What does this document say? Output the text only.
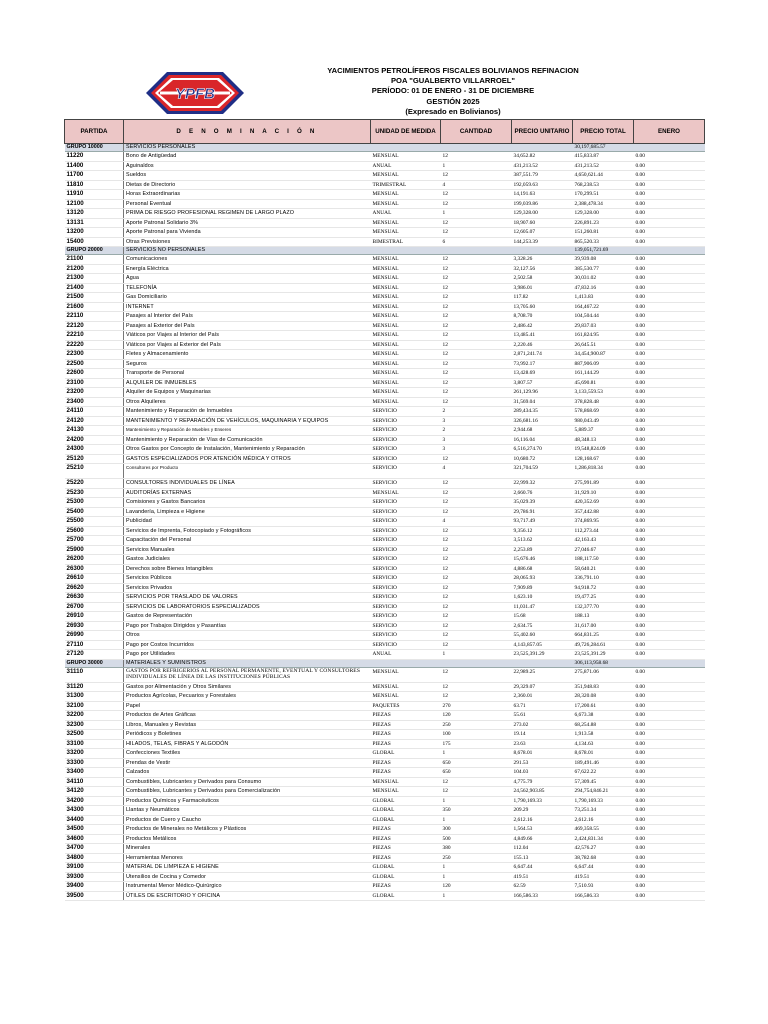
YPFB
YACIMIENTOS PETROLÍFEROS FISCALES BOLIVIANOS REFINACION
POA "GUALBERTO VILLARROEL"
PERÍODO: 01 DE ENERO - 31 DE DICIEMBRE
GESTIÓN 2025
(Expresado en Bolivianos)
PARTIDA	D E N O M I N A C I Ó N	UNIDAD DE MEDIDA	CANTIDAD	PRECIO UNITARIO	PRECIO TOTAL	ENERO
GRUPO 10000	SERVICIOS PERSONALES				30,197,685.57	
11220	Bono de Antigüedad	MENSUAL	12	34,652.82	415,833.87	0.00
11400	Aguinaldos	ANUAL	1	431,213.52	431,213.52	0.00
11700	Sueldos	MENSUAL	12	387,551.79	4,650,621.44	0.00
11810	Dietas de Directorio	TRIMESTRAL	4	192,059.63	768,238.53	0.00
11910	Horas Extraordinarias	MENSUAL	12	14,191.63	170,299.51	0.00
12100	Personal Eventual	MENSUAL	12	199,039.86	2,388,478.34	0.00
13120	PRIMA DE RIESGO PROFESIONAL REGIMEN DE LARGO PLAZO	ANUAL	1	129,328.00	129,328.00	0.00
13131	Aporte Patronal Solidario 3%	MENSUAL	12	18,907.60	226,891.23	0.00
13200	Aporte Patronal para Vivienda	MENSUAL	12	12,605.07	151,260.81	0.00
15400	Otras Previsiones	BIMESTRAL	6	144,253.39	865,520.33	0.00
GRUPO 20000	SERVICIOS NO PERSONALES				139,051,721.69	
21100	Comunicaciones	MENSUAL	12	3,328.26	39,939.08	0.00
21200	Energía Eléctrica	MENSUAL	12	32,127.56	385,530.77	0.00
21300	Agua	MENSUAL	12	2,502.58	30,031.02	0.00
21400	TELEFONÍA	MENSUAL	12	3,986.01	47,832.16	0.00
21500	Gas Domiciliario	MENSUAL	12	117.82	1,413.83	0.00
21600	INTERNET	MENSUAL	12	13,705.60	164,467.22	0.00
22110	Pasajes al Interior del País	MENSUAL	12	8,708.70	104,504.44	0.00
22120	Pasajes al Exterior del País	MENSUAL	12	2,486.42	29,837.03	0.00
22210	Viáticos por Viajes al Interior del País	MENSUAL	12	13,485.41	161,824.95	0.00
22220	Viáticos por Viajes al Exterior del País	MENSUAL	12	2,220.46	26,645.51	0.00
22300	Fletes y Almacenamiento	MENSUAL	12	2,871,241.74	34,454,900.87	0.00
22500	Seguros	MENSUAL	12	73,992.17	887,906.09	0.00
22600	Transporte de Personal	MENSUAL	12	13,428.69	161,144.29	0.00
23100	ALQUILER DE INMUEBLES	MENSUAL	12	3,807.57	45,690.81	0.00
23200	Alquiler de Equipos y Maquinarias	MENSUAL	12	261,129.96	3,133,559.53	0.00
23400	Otros Alquileres	MENSUAL	12	31,569.04	378,828.48	0.00
24110	Mantenimiento y Reparación de Inmuebles	SERVICIO	2	289,434.35	578,868.69	0.00
24120	MANTENIMIENTO Y REPARACIÓN DE VEHÍCULOS, MAQUINARIA Y EQUIPOS	SERVICIO	3	326,681.16	980,043.49	0.00
24130	Mantenimiento y Reparación de Muebles y Enseres	SERVICIO	2	2,944.68	5,889.37	0.00
24200	Mantenimiento y Reparación de Vías de Comunicación	SERVICIO	3	16,116.04	48,348.13	0.00
24300	Otros Gastos por Concepto de Instalación, Mantenimiento y Reparación	SERVICIO	3	6,516,274.70	19,548,824.09	0.00
25120	GASTOS ESPECIALIZADOS POR ATENCIÓN MÉDICA Y OTROS	SERVICIO	12	10,680.72	128,168.67	0.00
25210	Consultores por Producto	SERVICIO	4	321,704.59	1,286,818.34	0.00
25220	CONSULTORES INDIVIDUALES DE LÍNEA	SERVICIO	12	22,999.32	275,991.89	0.00
25230	AUDITORÍAS EXTERNAS	MENSUAL	12	2,660.76	31,929.10	0.00
25300	Comisiones y Gastos Bancarios	SERVICIO	12	35,029.39	420,352.69	0.00
25400	Lavandería, Limpieza e Higiene	SERVICIO	12	29,786.91	357,442.88	0.00
25500	Publicidad	SERVICIO	4	93,717.49	374,869.95	0.00
25600	Servicios de Imprenta, Fotocopiado y Fotográficos	SERVICIO	12	9,356.12	112,273.44	0.00
25700	Capacitación del Personal	SERVICIO	12	3,513.62	42,163.43	0.00
25900	Servicios Manuales	SERVICIO	12	2,253.89	27,046.67	0.00
26200	Gastos Judiciales	SERVICIO	12	15,676.46	188,117.50	0.00
26300	Derechos sobre Bienes Intangibles	SERVICIO	12	4,886.68	58,640.21	0.00
26610	Servicios Públicos	SERVICIO	12	28,065.93	336,791.10	0.00
26620	Servicios Privados	SERVICIO	12	7,909.89	94,918.72	0.00
26630	SERVICIOS POR TRASLADO DE VALORES	SERVICIO	12	1,623.10	19,477.25	0.00
26700	SERVICIOS DE LABORATORIOS ESPECIALIZADOS	SERVICIO	12	11,031.47	132,377.70	0.00
26910	Gastos de Representación	SERVICIO	12	15.68	188.13	0.00
26930	Pago por Trabajos Dirigidos y Pasantías	SERVICIO	12	2,634.75	31,617.00	0.00
26990	Otros	SERVICIO	12	55,402.60	664,831.25	0.00
27110	Pago por Costos Incurridos	SERVICIO	12	4,143,857.05	49,726,284.61	0.00
27120	Pago por Utilidades	ANUAL	1	23,525,391.29	23,525,391.29	0.00
GRUPO 30000	MATERIALES Y SUMINISTROS				306,113,958.68	
31110	GASTOS POR REFRIGERIOS AL PERSONAL PERMANENTE, EVENTUAL Y CONSULTORES INDIVIDUALES DE LÍNEA DE LAS INSTITUCIONES PÚBLICAS	MENSUAL	12	22,989.25	275,871.06	0.00
31120	Gastos por Alimentación y Otros Similares	MENSUAL	12	29,329.07	351,948.83	0.00
31300	Productos Agrícolas, Pecuarios y Forestales	MENSUAL	12	2,360.01	28,320.08	0.00
32100	Papel	PAQUETES	270	63.71	17,200.61	0.00
32200	Productos de Artes Gráficas	PIEZAS	120	55.61	6,673.38	0.00
32300	Libros, Manuales y Revistas	PIEZAS	250	273.02	68,254.88	0.00
32500	Periódicos y Boletines	PIEZAS	100	19.14	1,913.58	0.00
33100	HILADOS, TELAS, FIBRAS Y ALGODÓN	PIEZAS	175	23.63	4,134.63	0.00
33200	Confecciones Textiles	GLOBAL	1	8,678.01	8,678.01	0.00
33300	Prendas de Vestir	PIEZAS	650	291.53	189,491.46	0.00
33400	Calzados	PIEZAS	650	104.03	67,622.22	0.00
34110	Combustibles, Lubricantes y Derivados para Consumo	MENSUAL	12	4,775.79	57,309.45	0.00
34120	Combustibles, Lubricantes y Derivados para Comercialización	MENSUAL	12	24,562,903.85	294,754,846.21	0.00
34200	Productos Químicos y Farmacéuticos	GLOBAL	1	1,790,169.33	1,790,169.33	0.00
34300	Llantas y Neumáticos	GLOBAL	350	209.29	73,251.34	0.00
34400	Productos de Cuero y Caucho	GLOBAL	1	2,612.16	2,612.16	0.00
34500	Productos de Minerales no Metálicos y Plásticos	PIEZAS	300	1,564.53	469,358.55	0.00
34600	Productos Metálicos	PIEZAS	500	4,849.66	2,424,831.34	0.00
34700	Minerales	PIEZAS	380	112.04	42,576.27	0.00
34800	Herramientas Menores	PIEZAS	250	155.13	38,782.68	0.00
39100	MATERIAL DE LIMPIEZA E HIGIENE	GLOBAL	1	6,647.44	6,647.44	0.00
39300	Utensilios de Cocina y Comedor	GLOBAL	1	419.51	419.51	0.00
39400	Instrumental Menor Médico-Quirúrgico	PIEZAS	120	62.59	7,510.93	0.00
39500	ÚTILES DE ESCRITORIO Y OFICINA	GLOBAL	1	166,586.33	166,586.33	0.00
